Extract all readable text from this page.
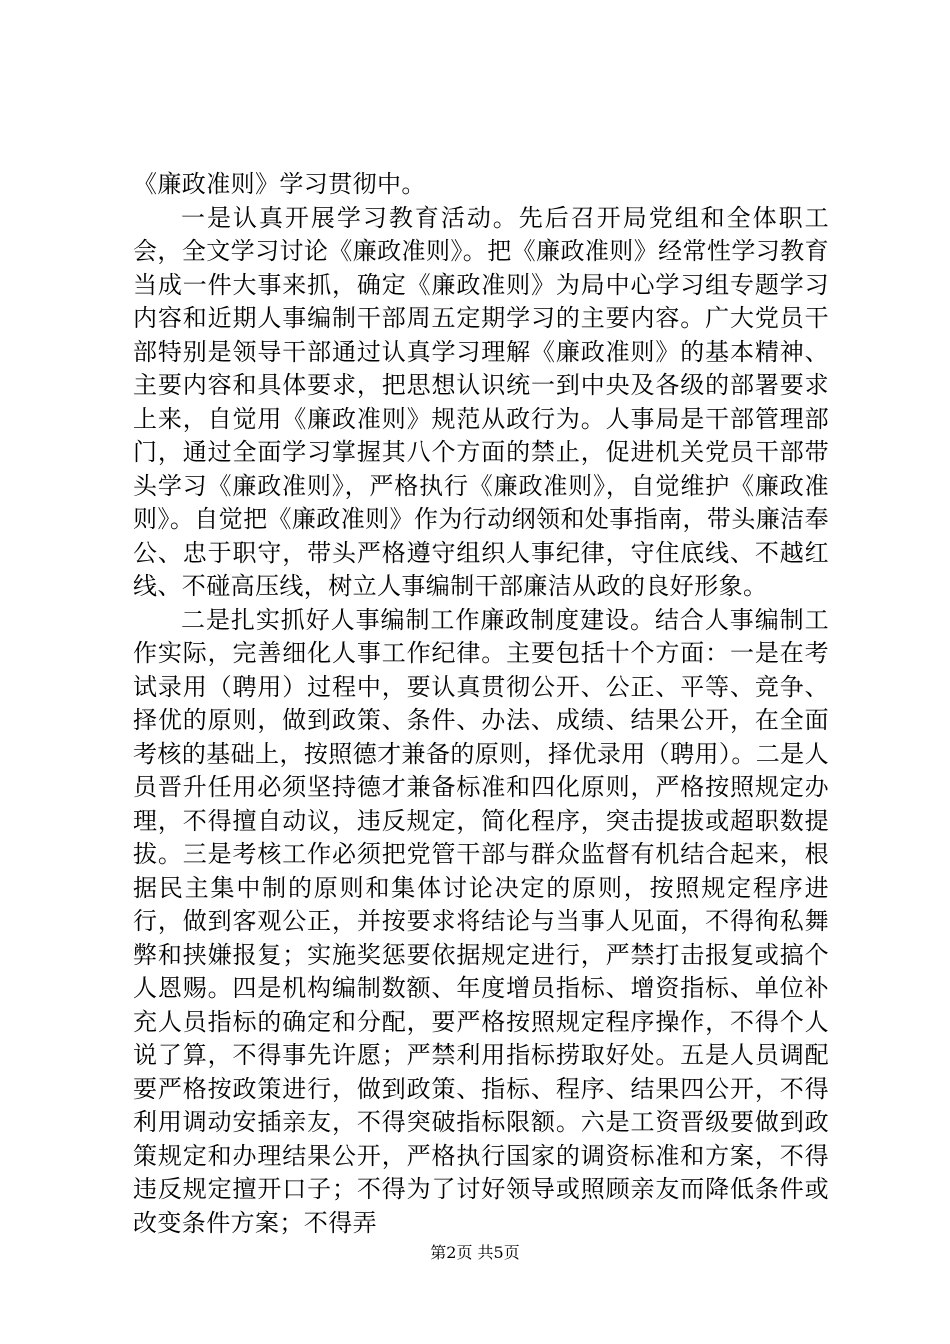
《廉政准则》学习贯彻中。

一是认真开展学习教育活动。先后召开局党组和全体职工会，全文学习讨论《廉政准则》。把《廉政准则》经常性学习教育当成一件大事来抓，确定《廉政准则》为局中心学习组专题学习内容和近期人事编制干部周五定期学习的主要内容。广大党员干部特别是领导干部通过认真学习理解《廉政准则》的基本精神、主要内容和具体要求，把思想认识统一到中央及各级的部署要求上来，自觉用《廉政准则》规范从政行为。人事局是干部管理部门，通过全面学习掌握其八个方面的禁止，促进机关党员干部带头学习《廉政准则》，严格执行《廉政准则》，自觉维护《廉政准则》。自觉把《廉政准则》作为行动纲领和处事指南，带头廉洁奉公、忠于职守，带头严格遵守组织人事纪律，守住底线、不越红线、不碰高压线，树立人事编制干部廉洁从政的良好形象。

二是扎实抓好人事编制工作廉政制度建设。结合人事编制工作实际，完善细化人事工作纪律。主要包括十个方面：一是在考试录用（聘用）过程中，要认真贯彻公开、公正、平等、竞争、择优的原则，做到政策、条件、办法、成绩、结果公开，在全面考核的基础上，按照德才兼备的原则，择优录用（聘用）。二是人员晋升任用必须坚持德才兼备标准和四化原则，严格按照规定办理，不得擅自动议，违反规定，简化程序，突击提拔或超职数提拔。三是考核工作必须把党管干部与群众监督有机结合起来，根据民主集中制的原则和集体讨论决定的原则，按照规定程序进行，做到客观公正，并按要求将结论与当事人见面，不得徇私舞弊和挟嫌报复；实施奖惩要依据规定进行，严禁打击报复或搞个人恩赐。四是机构编制数额、年度增员指标、增资指标、单位补充人员指标的确定和分配，要严格按照规定程序操作，不得个人说了算，不得事先许愿；严禁利用指标捞取好处。五是人员调配要严格按政策进行，做到政策、指标、程序、结果四公开，不得利用调动安插亲友，不得突破指标限额。六是工资晋级要做到政策规定和办理结果公开，严格执行国家的调资标准和方案，不得违反规定擅开口子；不得为了讨好领导或照顾亲友而降低条件或改变条件方案；不得弄

第2页 共5页
